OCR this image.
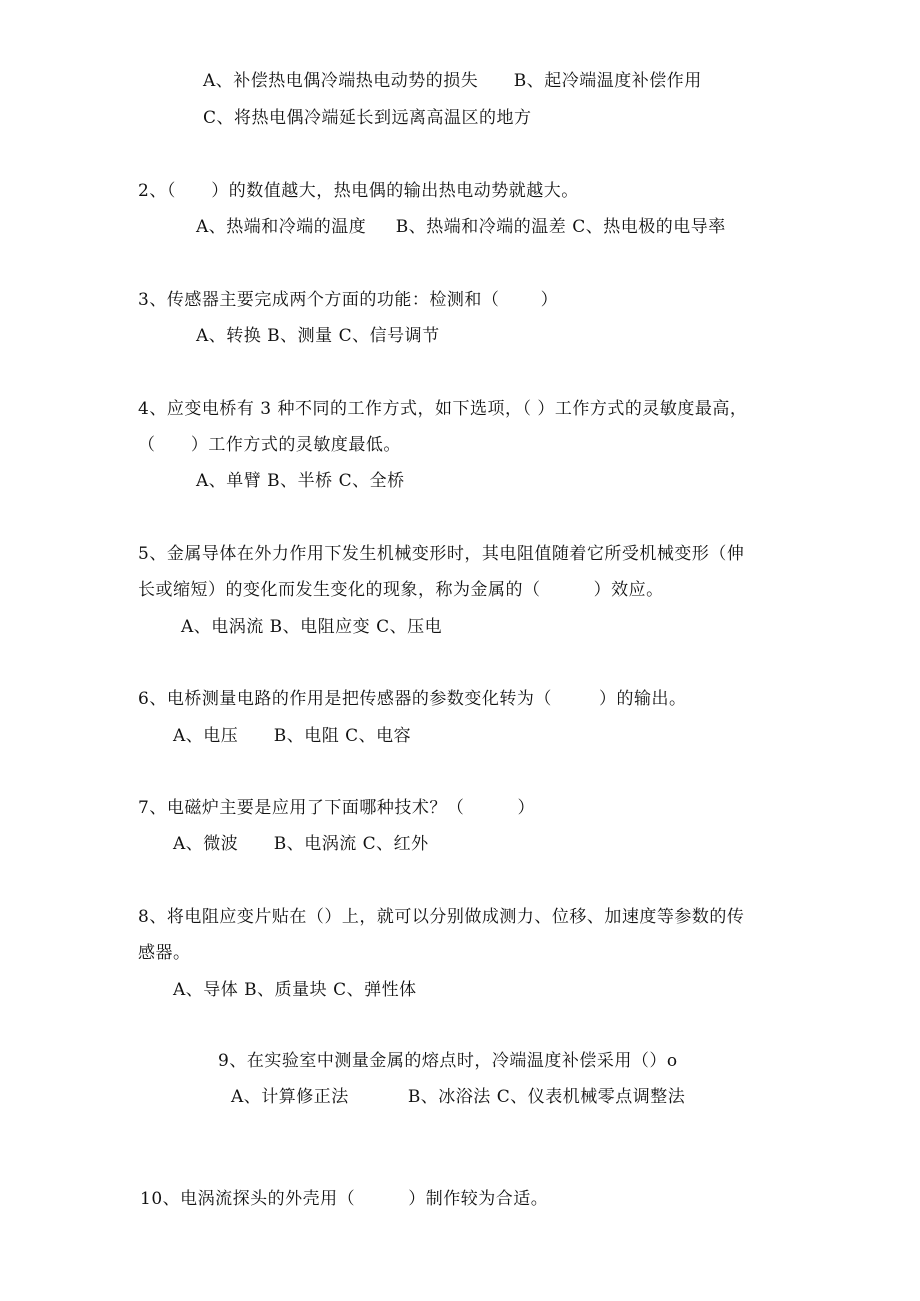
A、补偿热电偶冷端热电动势的损失      B、起冷端温度补偿作用
C、将热电偶冷端延长到远离高温区的地方
2、（      ）的数值越大，热电偶的输出热电动势就越大。
A、热端和冷端的温度     B、热端和冷端的温差 C、热电极的电导率
3、传感器主要完成两个方面的功能：检测和（       ）
A、转换 B、测量 C、信号调节
4、应变电桥有 3 种不同的工作方式，如下选项，（ ）工作方式的灵敏度最高，
（      ）工作方式的灵敏度最低。
A、单臂 B、半桥 C、全桥
5、金属导体在外力作用下发生机械变形时，其电阻值随着它所受机械变形（伸
长或缩短）的变化而发生变化的现象，称为金属的（         ）效应。
A、电涡流 B、电阻应变 C、压电
6、电桥测量电路的作用是把传感器的参数变化转为（        ）的输出。
A、电压      B、电阻 C、电容
7、电磁炉主要是应用了下面哪种技术？（         ）
A、微波      B、电涡流 C、红外
8、将电阻应变片贴在（）上，就可以分别做成测力、位移、加速度等参数的传
感器。
A、导体 B、质量块 C、弹性体
9、在实验室中测量金属的熔点时，冷端温度补偿采用（）o
A、计算修正法          B、冰浴法 C、仪表机械零点调整法
10、电涡流探头的外壳用（         ）制作较为合适。
